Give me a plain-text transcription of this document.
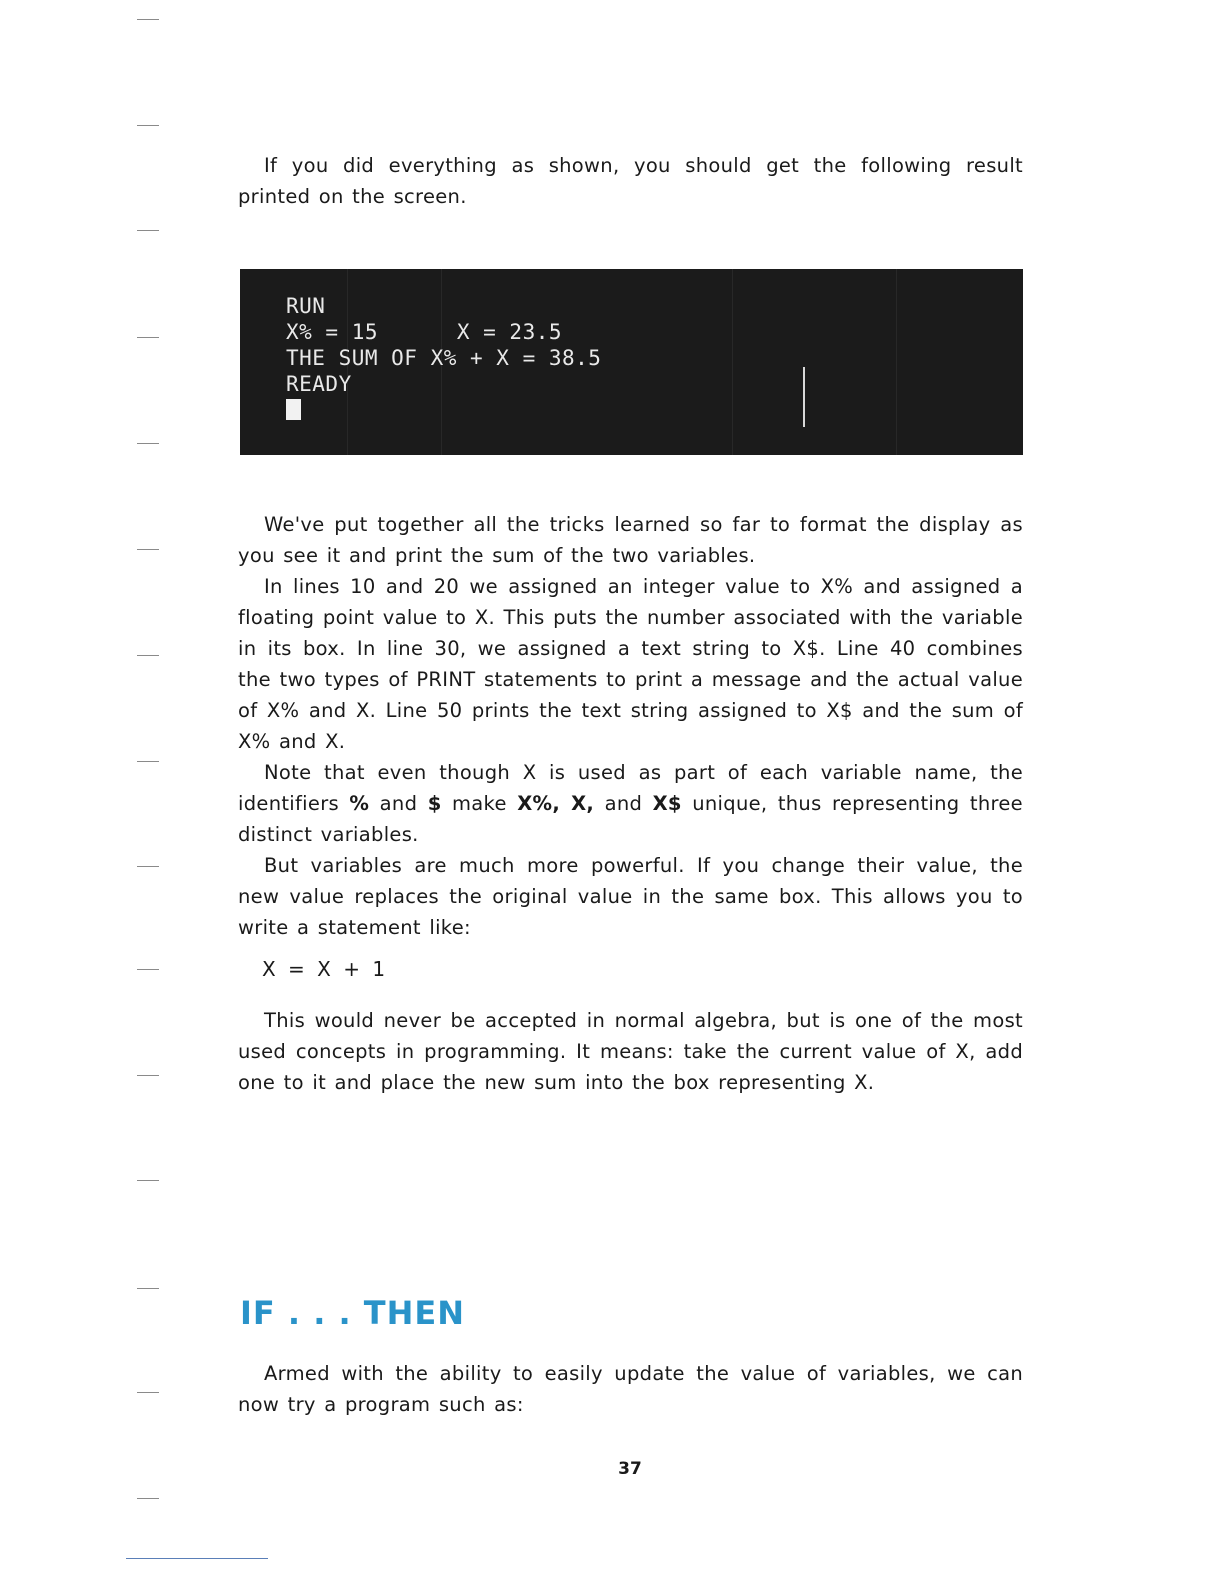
If you did everything as shown, you should get the following result printed on the screen.

RUN
X% = 15      X = 23.5
THE SUM OF X% + X = 38.5
READY

We've put together all the tricks learned so far to format the display as you see it and print the sum of the two variables.

In lines 10 and 20 we assigned an integer value to X% and assigned a floating point value to X. This puts the number associated with the variable in its box. In line 30, we assigned a text string to X$. Line 40 combines the two types of PRINT statements to print a message and the actual value of X% and X. Line 50 prints the text string assigned to X$ and the sum of X% and X.

Note that even though X is used as part of each variable name, the identifiers % and $ make X%, X, and X$ unique, thus representing three distinct variables.

But variables are much more powerful. If you change their value, the new value replaces the original value in the same box. This allows you to write a statement like:

X = X + 1

This would never be accepted in normal algebra, but is one of the most used concepts in programming. It means: take the current value of X, add one to it and place the new sum into the box representing X.

IF . . . THEN

Armed with the ability to easily update the value of variables, we can now try a program such as:

37
